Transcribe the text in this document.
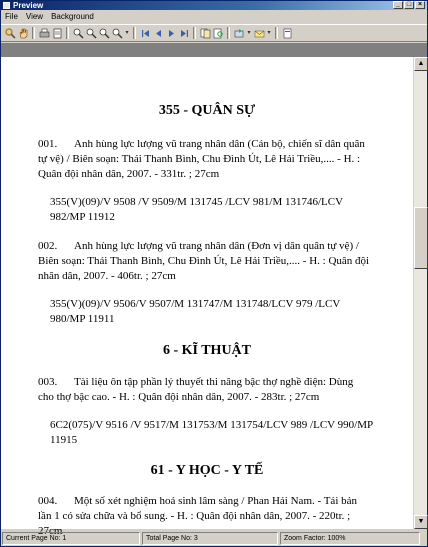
Preview	_ □ ×
File View Background
▾	▾	▾
355 - QUÂN SỰ
001. Anh hùng lực lượng vũ trang nhân dân (Cán bộ, chiến sĩ dân quân tự vệ) / Biên soạn: Thái Thanh Bình, Chu Đình Út, Lê Hải Triều,.... - H. : Quân đội nhân dân, 2007. - 331tr. ; 27cm
355(V)(09)/V 9508 /V 9509/M 131745 /LCV 981/M 131746/LCV 982/MP 11912
002. Anh hùng lực lượng vũ trang nhân dân (Đơn vị dân quân tự vệ) / Biên soạn: Thái Thanh Bình, Chu Đình Út, Lê Hải Triều,.... - H. : Quân đội nhân dân, 2007. - 406tr. ; 27cm
355(V)(09)/V 9506/V 9507/M 131747/M 131748/LCV 979 /LCV 980/MP 11911
6 - KĨ THUẬT
003. Tài liệu ôn tập phần lý thuyết thi nâng bậc thợ nghề điện: Dùng cho thợ bậc cao. - H. : Quân đội nhân dân, 2007. - 283tr. ; 27cm
6C2(075)/V 9516 /V 9517/M 131753/M 131754/LCV 989 /LCV 990/MP 11915
61 - Y HỌC - Y TẾ
004. Một số xét nghiệm hoá sinh lâm sàng / Phan Hải Nam. - Tái bản lần 1 có sửa chữa và bổ sung. - H. : Quân đội nhân dân, 2007. - 220tr. ; 27cm
▲
▼
Current Page No: 1	Total Page No: 3	Zoom Factor: 100%
